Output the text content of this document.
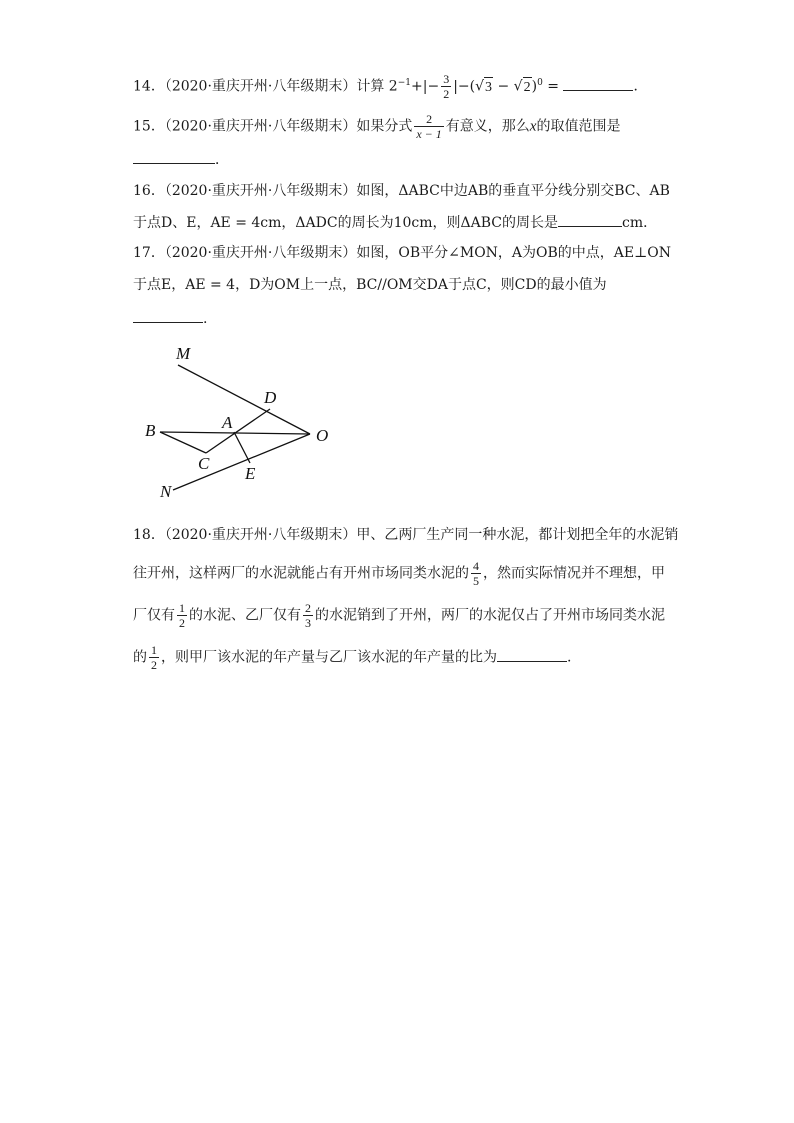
14．（2020·重庆开州·八年级期末）计算 $2^{-1}+|- \frac{3}{2} |-(√3 - √2)^0$ =	．
15．（2020·重庆开州·八年级期末）如果分式 $\frac{2}{x - 1}$ 有意义，那么x的取值范围是
．
16．（2020·重庆开州·八年级期末）如图，ΔABC中边AB的垂直平分线分别交BC、AB
于点D、E，AE = 4cm，ΔADC的周长为10cm，则ΔABC的周长是	cm．
17．（2020·重庆开州·八年级期末）如图，OB平分∠MON，A为OB的中点，AE⊥ON
于点E，AE = 4，D为OM上一点，BC//OM交DA于点C，则CD的最小值为
.
M
D
B	A
O
C
E
N
18．（2020·重庆开州·八年级期末）甲、乙两厂生产同一种水泥，都计划把全年的水泥销
往开州，这样两厂的水泥就能占有开州市场同类水泥的 $\frac{4}{5}$ ，然而实际情况并不理想，甲
厂仅有 $\frac{1}{2}$ 的水泥、乙厂仅有 $\frac{2}{3}$ 的水泥销到了开州，两厂的水泥仅占了开州市场同类水泥
的 $\frac{1}{2}$ ，则甲厂该水泥的年产量与乙厂该水泥的年产量的比为	.
